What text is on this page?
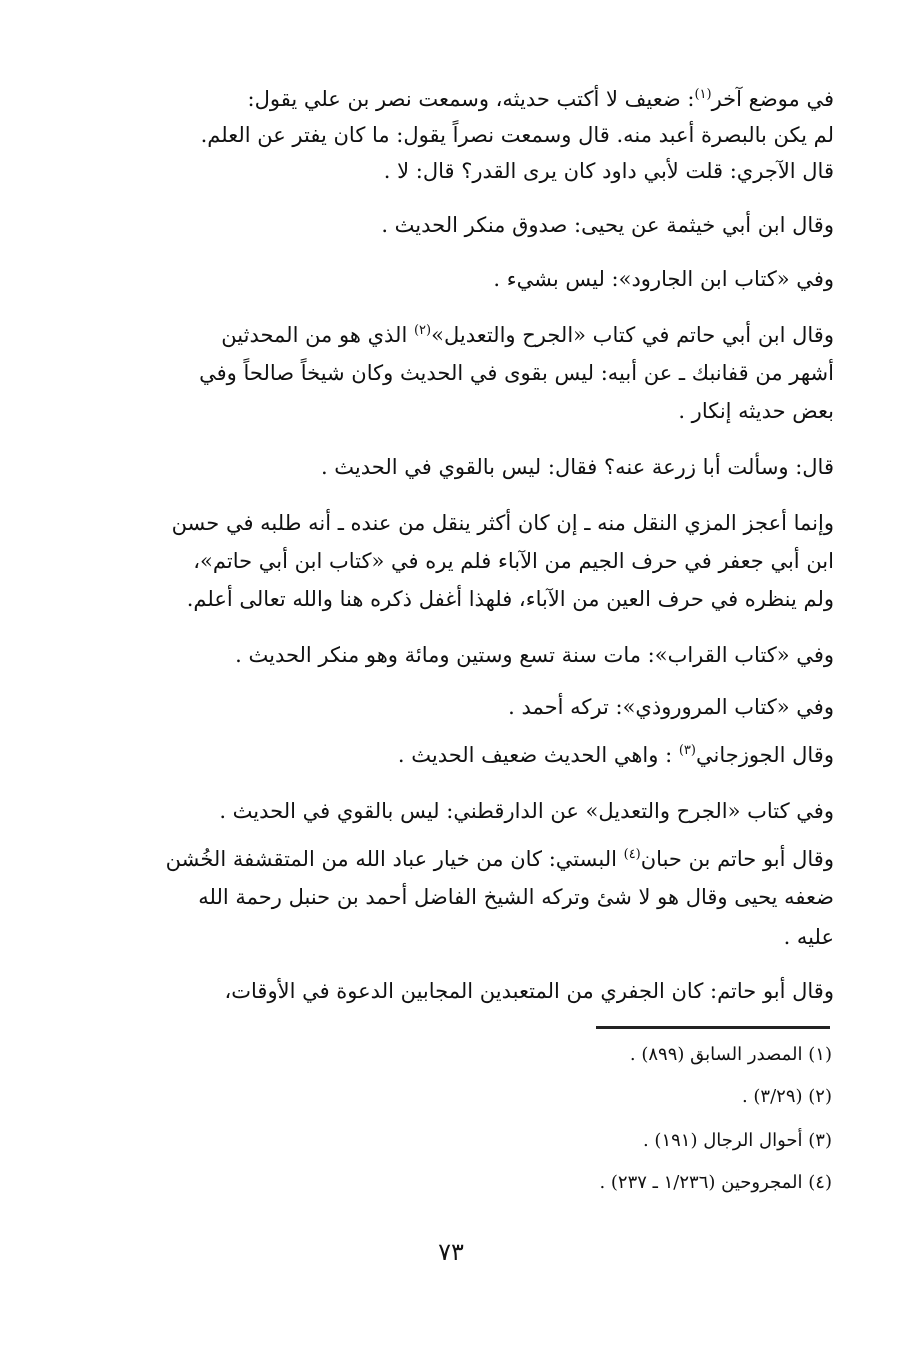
في موضع آخر$^{(١)}$: ضعيف لا أكتب حديثه، وسمعت نصر بن علي يقول:
لم يكن بالبصرة أعبد منه. قال وسمعت نصراً يقول: ما كان يفتر عن العلم.
قال الآجري: قلت لأبي داود كان يرى القدر؟ قال: لا .
وقال ابن أبي خيثمة عن يحيى: صدوق منكر الحديث .
وفي «كتاب ابن الجارود»: ليس بشيء .
وقال ابن أبي حاتم في كتاب «الجرح والتعديل»$^{(٢)}$ الذي هو من المحدثين
أشهر من قفانبك ـ عن أبيه: ليس بقوى في الحديث وكان شيخاً صالحاً وفي
بعض حديثه إنكار .
قال: وسألت أبا زرعة عنه؟ فقال: ليس بالقوي في الحديث .
وإنما أعجز المزي النقل منه ـ إن كان أكثر ينقل من عنده ـ أنه طلبه في حسن
ابن أبي جعفر في حرف الجيم من الآباء فلم يره في «كتاب ابن أبي حاتم»،
ولم ينظره في حرف العين من الآباء، فلهذا أغفل ذكره هنا والله تعالى أعلم.
وفي «كتاب القراب»: مات سنة تسع وستين ومائة وهو منكر الحديث .
وفي «كتاب المروروذي»: تركه أحمد .
وقال الجوزجاني$^{(٣)}$ : واهي الحديث ضعيف الحديث .
وفي كتاب «الجرح والتعديل» عن الدارقطني: ليس بالقوي في الحديث .
وقال أبو حاتم بن حبان$^{(٤)}$ البستي: كان من خيار عباد الله من المتقشفة الخُشن
ضعفه يحيى وقال هو لا شئ وتركه الشيخ الفاضل أحمد بن حنبل رحمة الله
عليه .
وقال أبو حاتم: كان الجفري من المتعبدين المجابين الدعوة في الأوقات،
(١) المصدر السابق (٨٩٩) .
(٢) (٣/٢٩) .
(٣) أحوال الرجال (١٩١) .
(٤) المجروحين (١/٢٣٦ ـ ٢٣٧) .
٧٣
